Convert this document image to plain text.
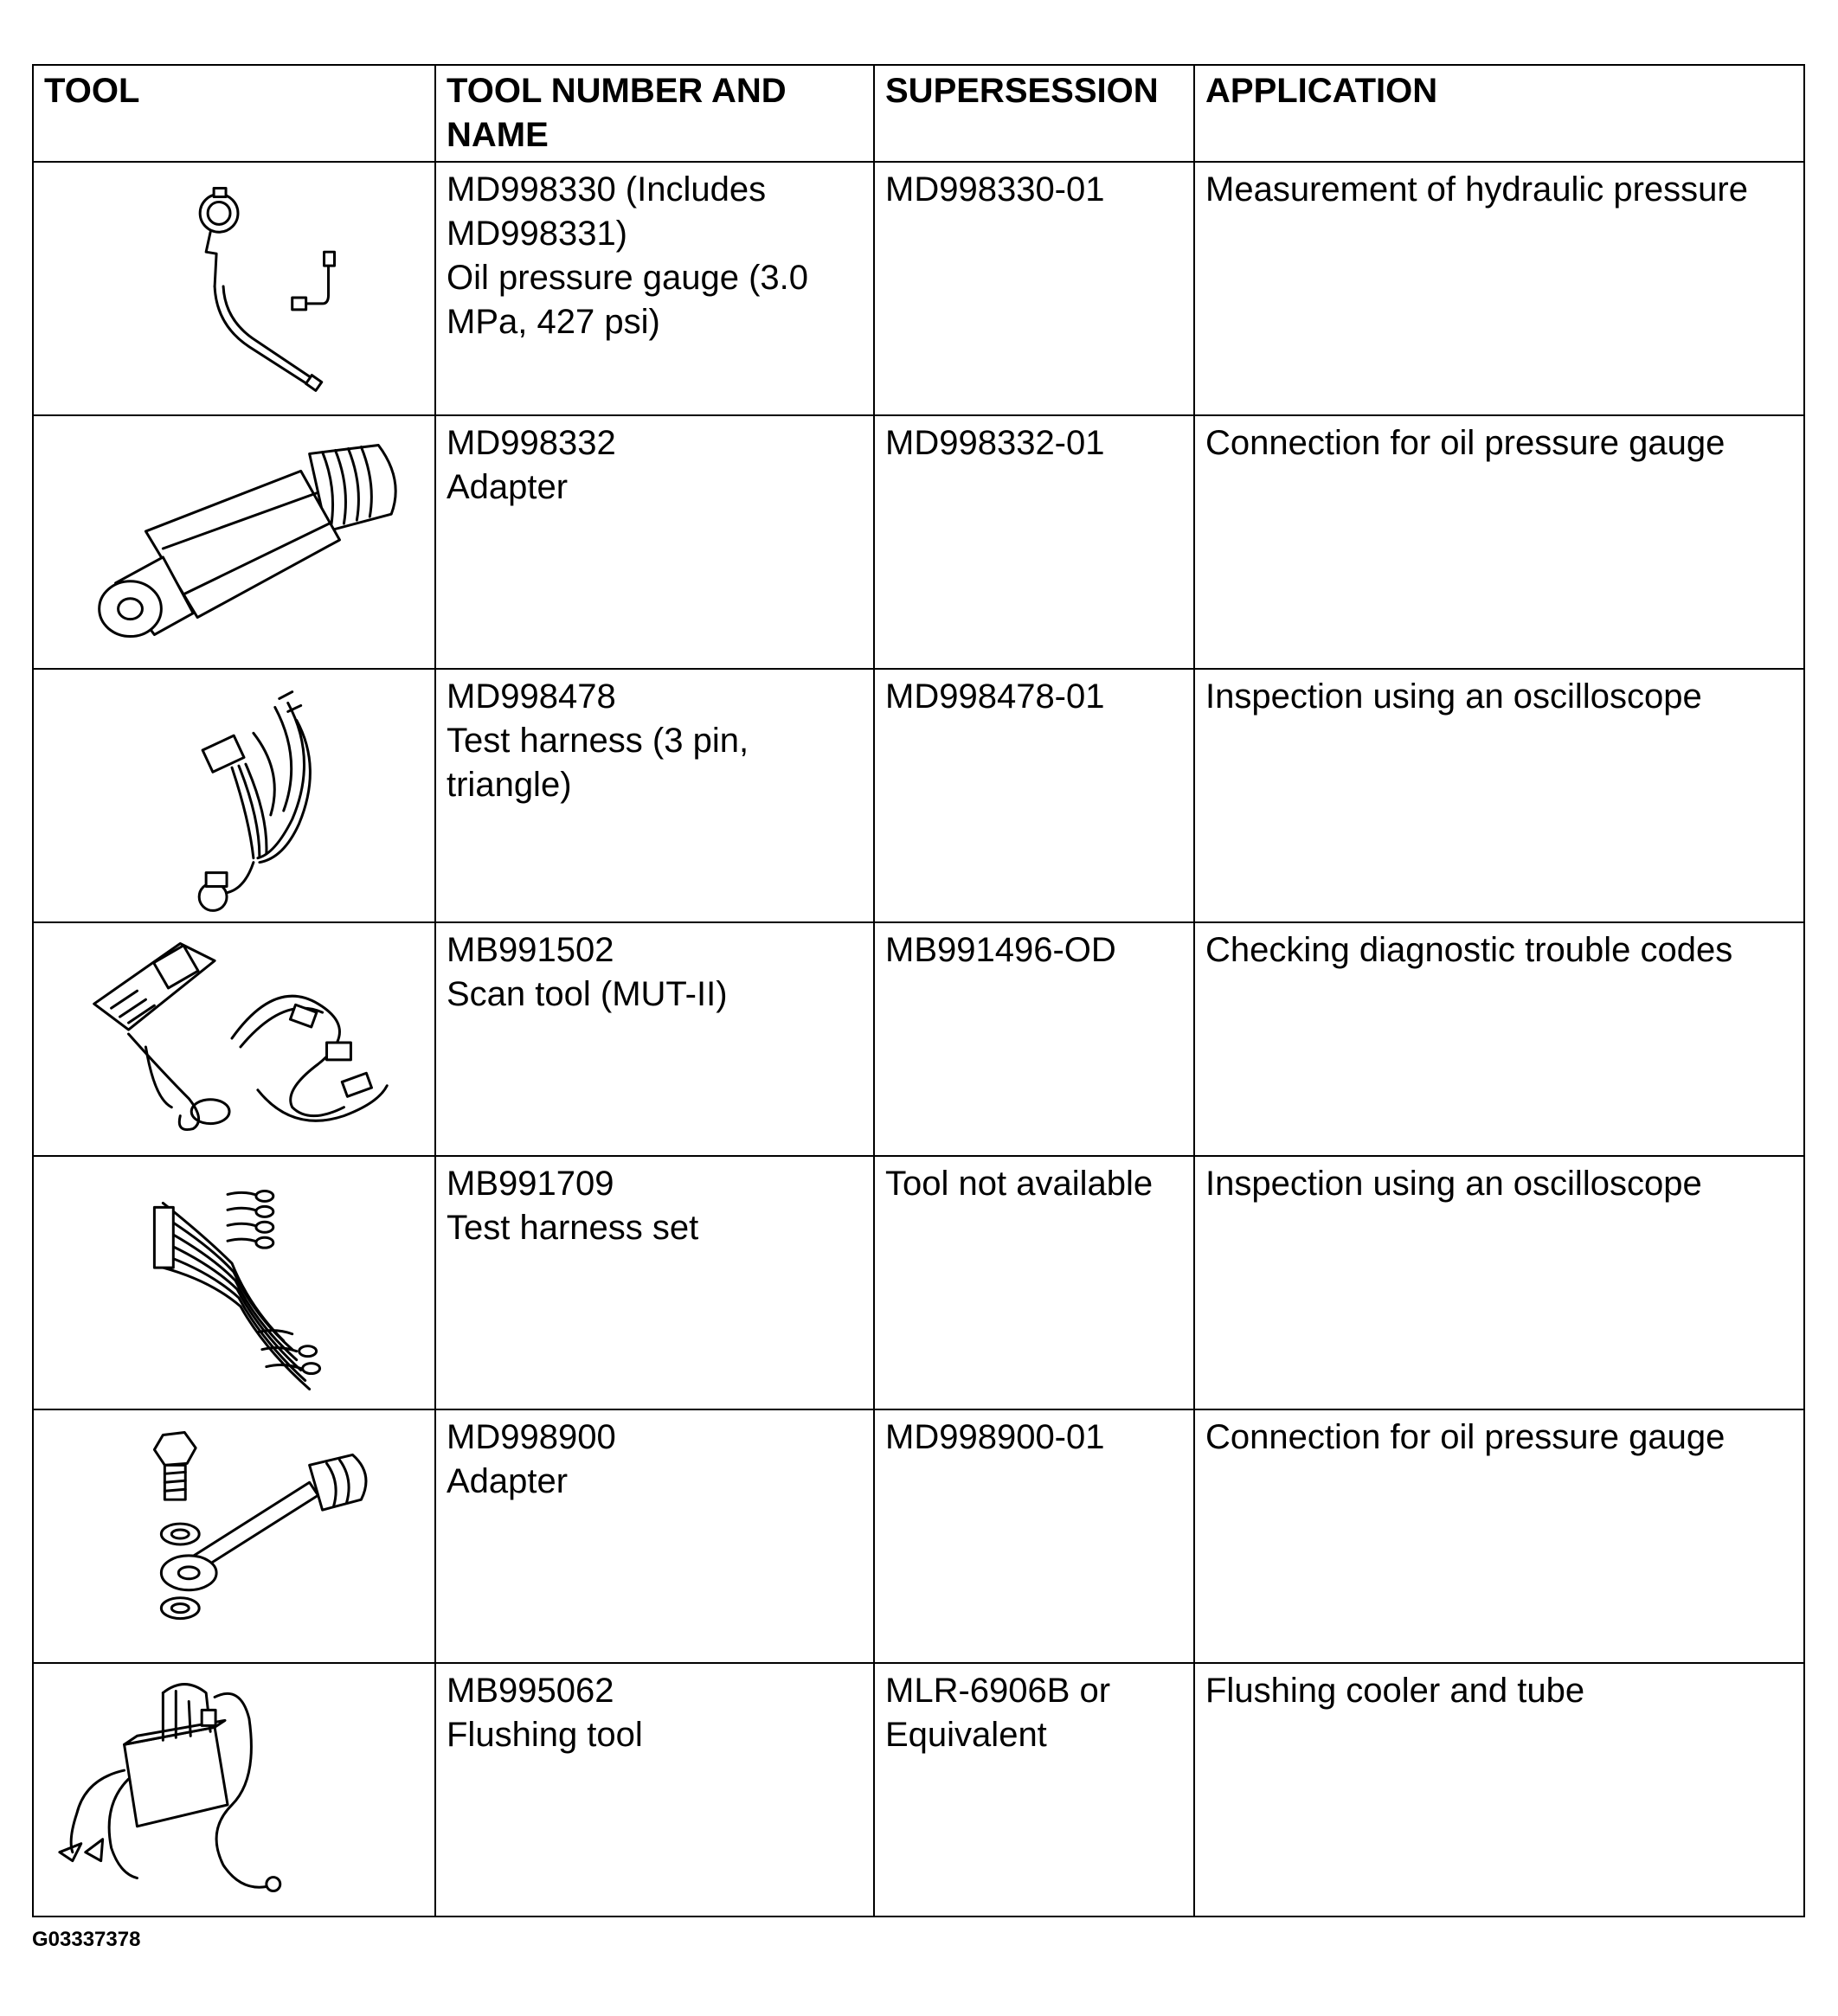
TOOL	TOOL NUMBER AND NAME	SUPERSESSION	APPLICATION

MD998330 (Includes MD998331)
Oil pressure gauge (3.0 MPa, 427 psi)	MD998330-01	Measurement of hydraulic pressure

MD998332
Adapter	MD998332-01	Connection for oil pressure gauge

MD998478
Test harness (3 pin, triangle)	MD998478-01	Inspection using an oscilloscope

MB991502
Scan tool (MUT-II)	MB991496-OD	Checking diagnostic trouble codes

MB991709
Test harness set	Tool not available	Inspection using an oscilloscope

MD998900
Adapter	MD998900-01	Connection for oil pressure gauge

MB995062
Flushing tool	MLR-6906B or
Equivalent	Flushing cooler and tube
G03337378
